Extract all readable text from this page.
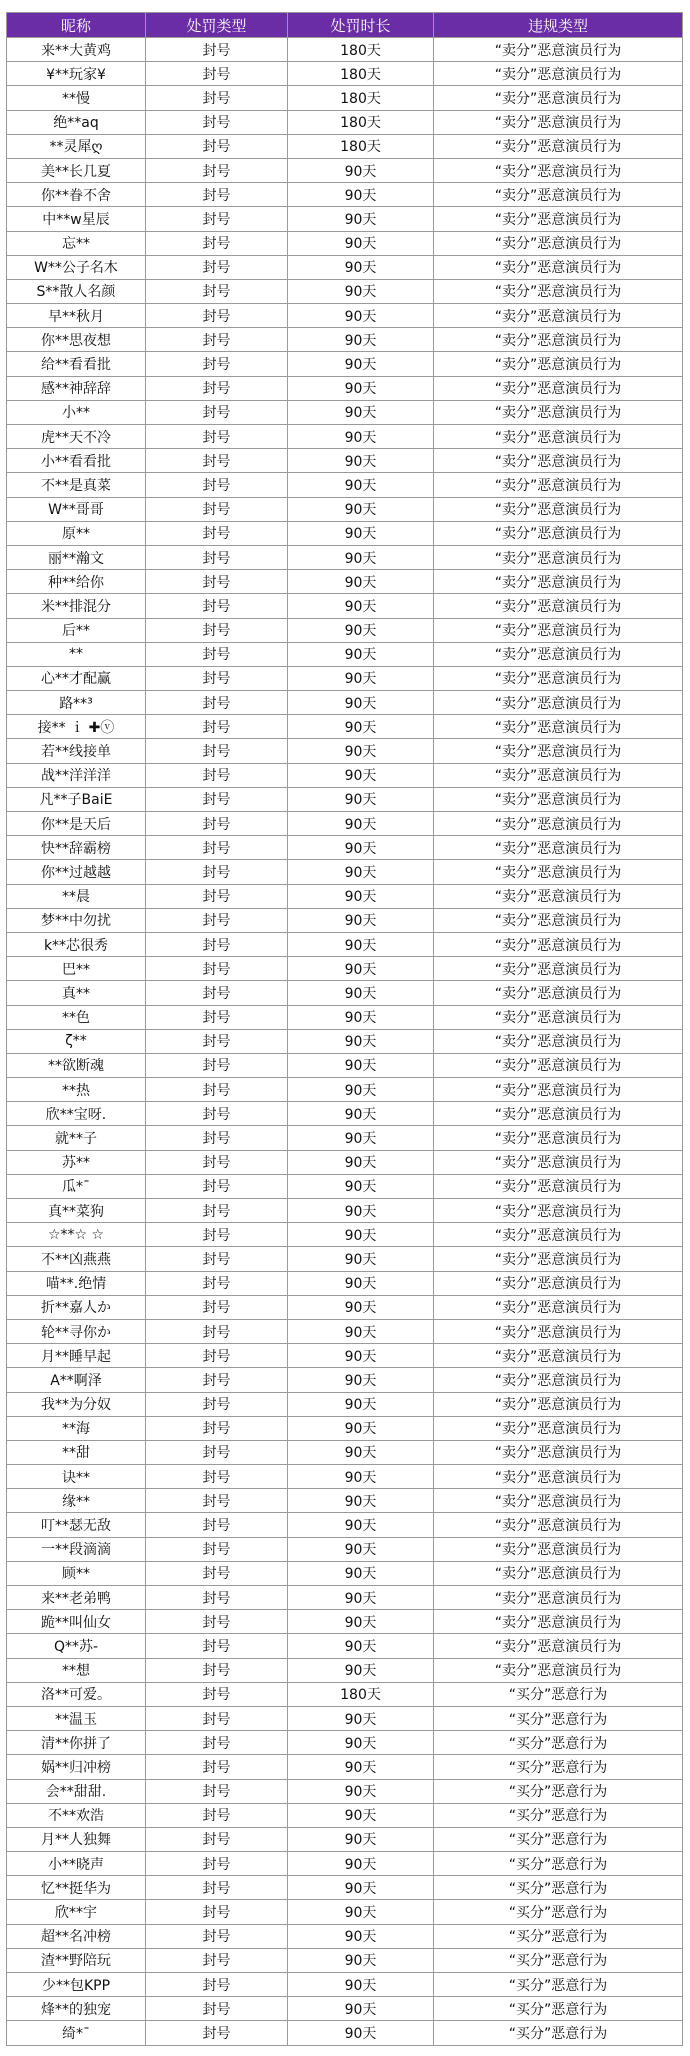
昵称	处罚类型	处罚时长	违规类型
来**大黄鸡	封号	180天	“卖分”恶意演员行为
¥**玩家¥	封号	180天	“卖分”恶意演员行为
**慢	封号	180天	“卖分”恶意演员行为
绝**aq	封号	180天	“卖分”恶意演员行为
**灵犀ღ	封号	180天	“卖分”恶意演员行为
美**长几夏	封号	90天	“卖分”恶意演员行为
你**眷不舍	封号	90天	“卖分”恶意演员行为
中**w星辰	封号	90天	“卖分”恶意演员行为
忘**	封号	90天	“卖分”恶意演员行为
W**公子名木	封号	90天	“卖分”恶意演员行为
S**散人名颜	封号	90天	“卖分”恶意演员行为
早**秋月	封号	90天	“卖分”恶意演员行为
你**思夜想	封号	90天	“卖分”恶意演员行为
给**看看批	封号	90天	“卖分”恶意演员行为
感**神辞辞	封号	90天	“卖分”恶意演员行为
小**	封号	90天	“卖分”恶意演员行为
虎**天不冷	封号	90天	“卖分”恶意演员行为
小**看看批	封号	90天	“卖分”恶意演员行为
不**是真菜	封号	90天	“卖分”恶意演员行为
W**哥哥	封号	90天	“卖分”恶意演员行为
原**	封号	90天	“卖分”恶意演员行为
丽**瀚文	封号	90天	“卖分”恶意演员行为
种**给你	封号	90天	“卖分”恶意演员行为
米**排混分	封号	90天	“卖分”恶意演员行为
后**	封号	90天	“卖分”恶意演员行为
**	封号	90天	“卖分”恶意演员行为
心**才配赢	封号	90天	“卖分”恶意演员行为
路**³	封号	90天	“卖分”恶意演员行为
接** ｉ ✚ⓥ	封号	90天	“卖分”恶意演员行为
若**线接单	封号	90天	“卖分”恶意演员行为
战**洋洋洋	封号	90天	“卖分”恶意演员行为
凡**子BaiE	封号	90天	“卖分”恶意演员行为
你**是天后	封号	90天	“卖分”恶意演员行为
快**辞霸榜	封号	90天	“卖分”恶意演员行为
你**过越越	封号	90天	“卖分”恶意演员行为
**晨	封号	90天	“卖分”恶意演员行为
梦**中勿扰	封号	90天	“卖分”恶意演员行为
k**芯很秀	封号	90天	“卖分”恶意演员行为
巴**	封号	90天	“卖分”恶意演员行为
真**	封号	90天	“卖分”恶意演员行为
**色	封号	90天	“卖分”恶意演员行为
ζ**	封号	90天	“卖分”恶意演员行为
**欲断魂	封号	90天	“卖分”恶意演员行为
**热	封号	90天	“卖分”恶意演员行为
欣**宝呀.	封号	90天	“卖分”恶意演员行为
就**子	封号	90天	“卖分”恶意演员行为
苏**	封号	90天	“卖分”恶意演员行为
瓜*ˉ	封号	90天	“卖分”恶意演员行为
真**菜狗	封号	90天	“卖分”恶意演员行为
☆**☆ ☆	封号	90天	“卖分”恶意演员行为
不**凶燕燕	封号	90天	“卖分”恶意演员行为
喵**.绝情	封号	90天	“卖分”恶意演员行为
折**嘉人か	封号	90天	“卖分”恶意演员行为
轮**寻你か	封号	90天	“卖分”恶意演员行为
月**睡早起	封号	90天	“卖分”恶意演员行为
A**啊泽	封号	90天	“卖分”恶意演员行为
我**为分奴	封号	90天	“卖分”恶意演员行为
**海	封号	90天	“卖分”恶意演员行为
**甜	封号	90天	“卖分”恶意演员行为
诀**	封号	90天	“卖分”恶意演员行为
缘**	封号	90天	“卖分”恶意演员行为
叮**瑟无敌	封号	90天	“卖分”恶意演员行为
一**段滴滴	封号	90天	“卖分”恶意演员行为
顾**	封号	90天	“卖分”恶意演员行为
来**老弟鸭	封号	90天	“卖分”恶意演员行为
跪**叫仙女	封号	90天	“卖分”恶意演员行为
Q**苏-	封号	90天	“卖分”恶意演员行为
**想	封号	90天	“卖分”恶意演员行为
洛**可爱。	封号	180天	“买分”恶意行为
**温玉	封号	90天	“买分”恶意行为
清**你拼了	封号	90天	“买分”恶意行为
娲**归冲榜	封号	90天	“买分”恶意行为
会**甜甜.	封号	90天	“买分”恶意行为
不**欢浩	封号	90天	“买分”恶意行为
月**人独舞	封号	90天	“买分”恶意行为
小**晓声	封号	90天	“买分”恶意行为
忆**挺华为	封号	90天	“买分”恶意行为
欣**宇	封号	90天	“买分”恶意行为
超**名冲榜	封号	90天	“买分”恶意行为
渣**野陪玩	封号	90天	“买分”恶意行为
少**包KPP	封号	90天	“买分”恶意行为
烽**的独宠	封号	90天	“买分”恶意行为
绮*ˉ	封号	90天	“买分”恶意行为
